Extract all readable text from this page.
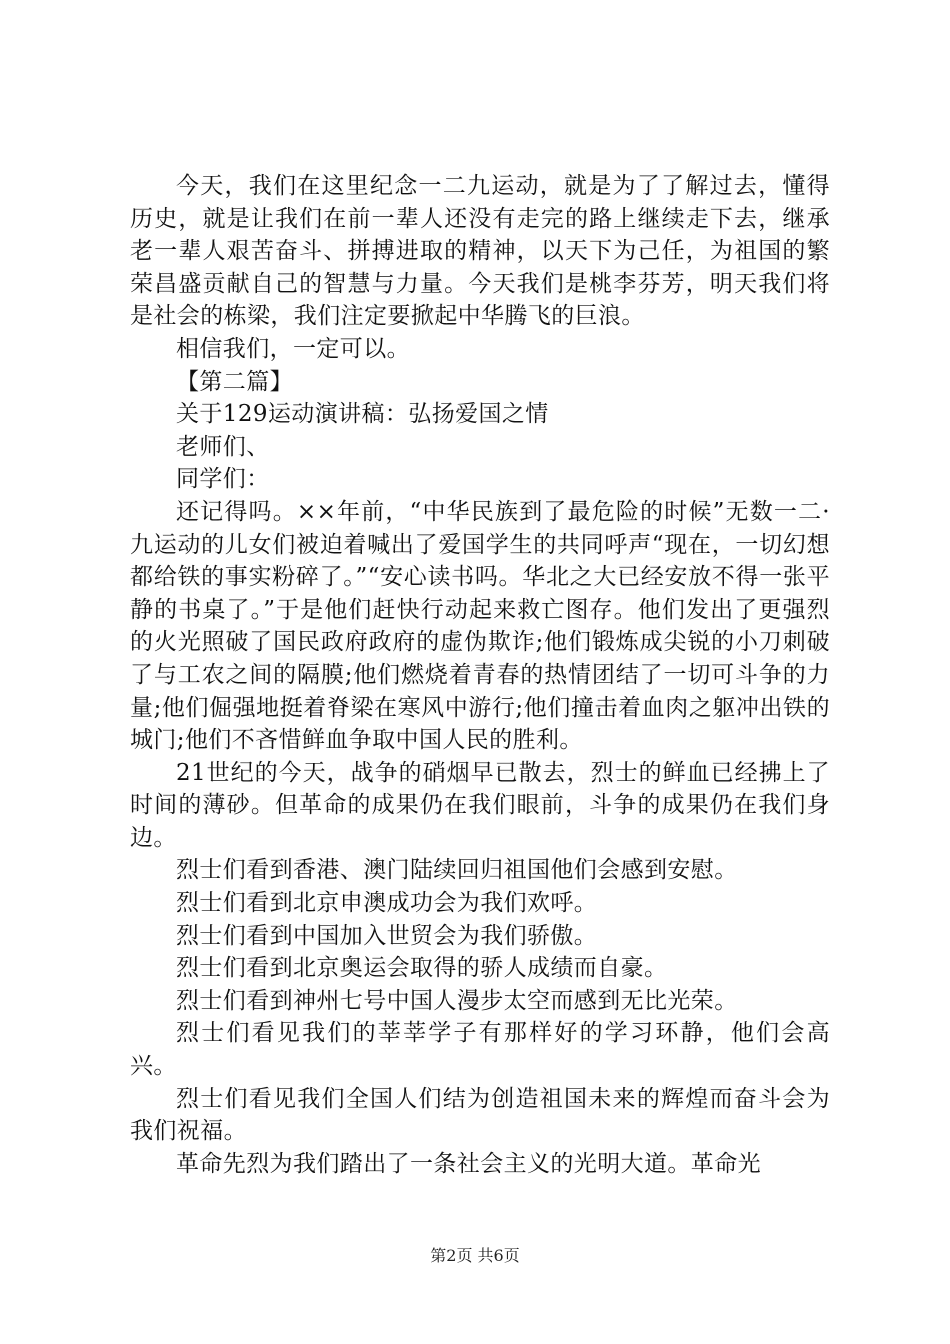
今天，我们在这里纪念一二九运动，就是为了了解过去，懂得历史，就是让我们在前一辈人还没有走完的路上继续走下去，继承老一辈人艰苦奋斗、拼搏进取的精神，以天下为己任，为祖国的繁荣昌盛贡献自己的智慧与力量。今天我们是桃李芬芳，明天我们将是社会的栋梁，我们注定要掀起中华腾飞的巨浪。

相信我们，一定可以。

【第二篇】

关于129运动演讲稿：弘扬爱国之情

老师们、

同学们：

还记得吗。××年前，“中华民族到了最危险的时候”无数一二·九运动的儿女们被迫着喊出了爱国学生的共同呼声“现在，一切幻想都给铁的事实粉碎了。”“安心读书吗。华北之大已经安放不得一张平静的书桌了。”于是他们赶快行动起来救亡图存。他们发出了更强烈的火光照破了国民政府政府的虚伪欺诈;他们锻炼成尖锐的小刀刺破了与工农之间的隔膜;他们燃烧着青春的热情团结了一切可斗争的力量;他们倔强地挺着脊梁在寒风中游行;他们撞击着血肉之躯冲出铁的城门;他们不吝惜鲜血争取中国人民的胜利。

21世纪的今天，战争的硝烟早已散去，烈士的鲜血已经拂上了时间的薄砂。但革命的成果仍在我们眼前，斗争的成果仍在我们身边。

烈士们看到香港、澳门陆续回归祖国他们会感到安慰。

烈士们看到北京申澳成功会为我们欢呼。

烈士们看到中国加入世贸会为我们骄傲。

烈士们看到北京奥运会取得的骄人成绩而自豪。

烈士们看到神州七号中国人漫步太空而感到无比光荣。

烈士们看见我们的莘莘学子有那样好的学习环静，他们会高兴。

烈士们看见我们全国人们结为创造祖国未来的辉煌而奋斗会为我们祝福。

革命先烈为我们踏出了一条社会主义的光明大道。革命光

第2页 共6页
